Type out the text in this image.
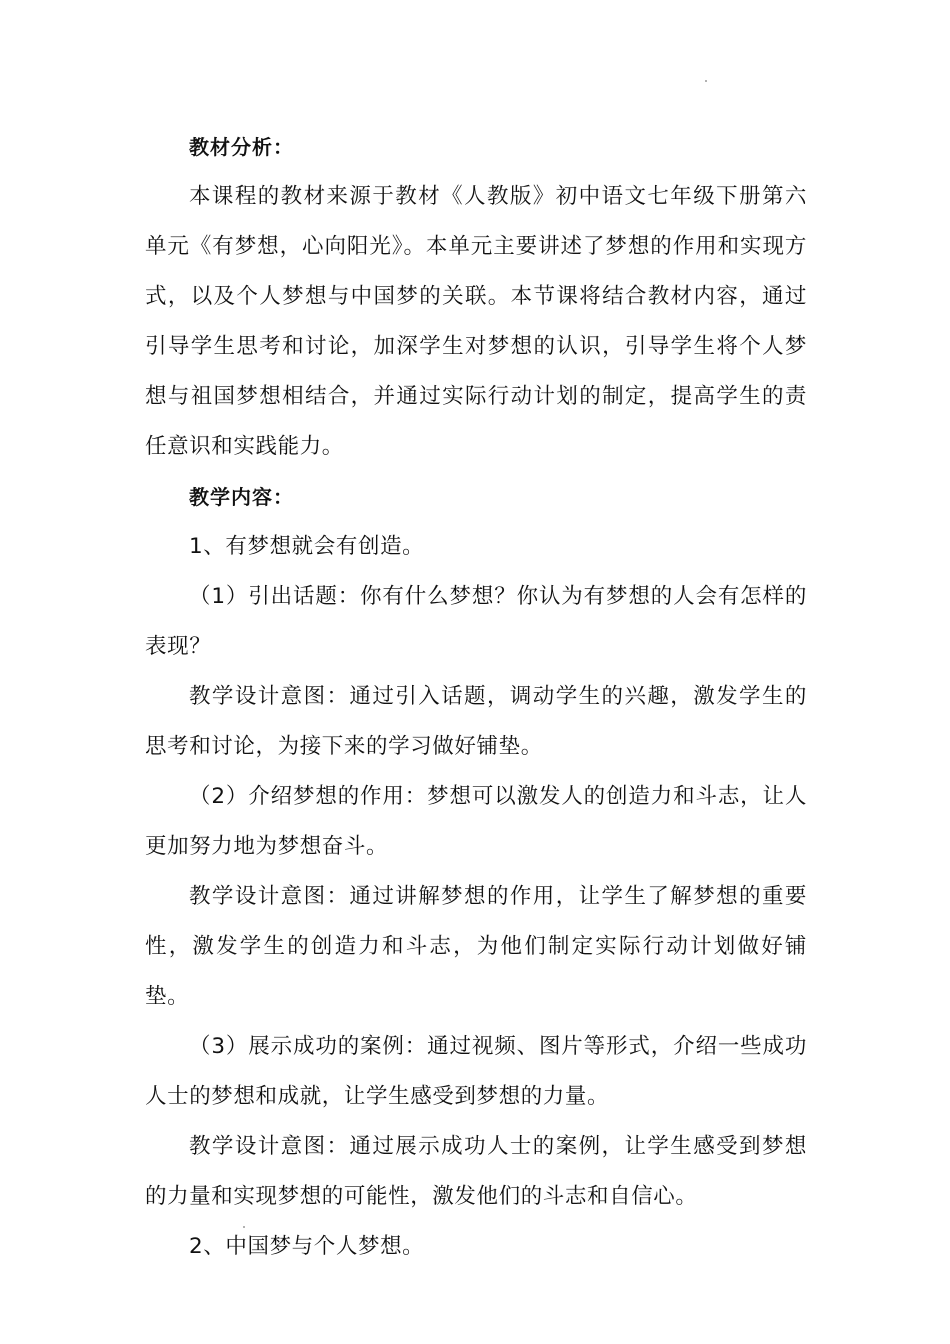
教材分析：

本课程的教材来源于教材《人教版》初中语文七年级下册第六单元《有梦想，心向阳光》。本单元主要讲述了梦想的作用和实现方式，以及个人梦想与中国梦的关联。本节课将结合教材内容，通过引导学生思考和讨论，加深学生对梦想的认识，引导学生将个人梦想与祖国梦想相结合，并通过实际行动计划的制定，提高学生的责任意识和实践能力。

教学内容：

1、有梦想就会有创造。

（1）引出话题：你有什么梦想？你认为有梦想的人会有怎样的表现？

教学设计意图：通过引入话题，调动学生的兴趣，激发学生的思考和讨论，为接下来的学习做好铺垫。

（2）介绍梦想的作用：梦想可以激发人的创造力和斗志，让人更加努力地为梦想奋斗。

教学设计意图：通过讲解梦想的作用，让学生了解梦想的重要性，激发学生的创造力和斗志，为他们制定实际行动计划做好铺垫。

（3）展示成功的案例：通过视频、图片等形式，介绍一些成功人士的梦想和成就，让学生感受到梦想的力量。

教学设计意图：通过展示成功人士的案例，让学生感受到梦想的力量和实现梦想的可能性，激发他们的斗志和自信心。

2、中国梦与个人梦想。
